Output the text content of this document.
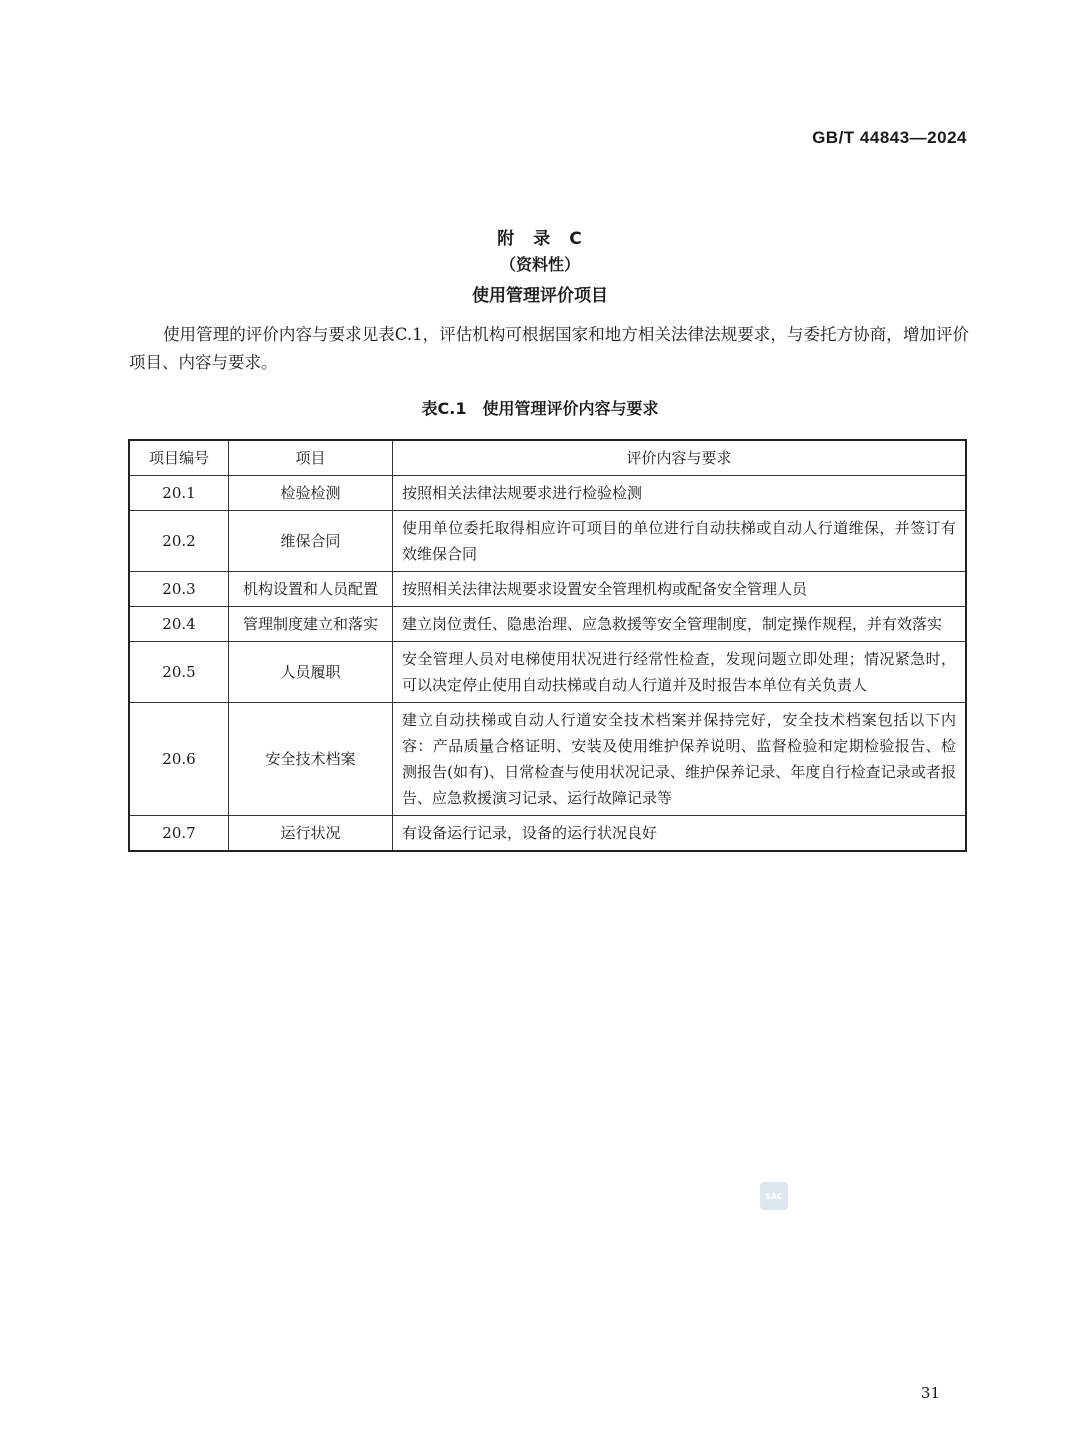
GB/T 44843—2024
附　录　C
（资料性）
使用管理评价项目
使用管理的评价内容与要求见表C.1，评估机构可根据国家和地方相关法律法规要求，与委托方协商，增加评价项目、内容与要求。
表C.1　使用管理评价内容与要求
项目编号	项目	评价内容与要求
20.1	检验检测	按照相关法律法规要求进行检验检测
20.2	维保合同	使用单位委托取得相应许可项目的单位进行自动扶梯或自动人行道维保，并签订有效维保合同
20.3	机构设置和人员配置	按照相关法律法规要求设置安全管理机构或配备安全管理人员
20.4	管理制度建立和落实	建立岗位责任、隐患治理、应急救援等安全管理制度，制定操作规程，并有效落实
20.5	人员履职	安全管理人员对电梯使用状况进行经常性检查，发现问题立即处理；情况紧急时，可以决定停止使用自动扶梯或自动人行道并及时报告本单位有关负责人
20.6	安全技术档案	建立自动扶梯或自动人行道安全技术档案并保持完好，安全技术档案包括以下内容：产品质量合格证明、安装及使用维护保养说明、监督检验和定期检验报告、检测报告(如有)、日常检查与使用状况记录、维护保养记录、年度自行检查记录或者报告、应急救援演习记录、运行故障记录等
20.7	运行状况	有设备运行记录，设备的运行状况良好
SAC
31
